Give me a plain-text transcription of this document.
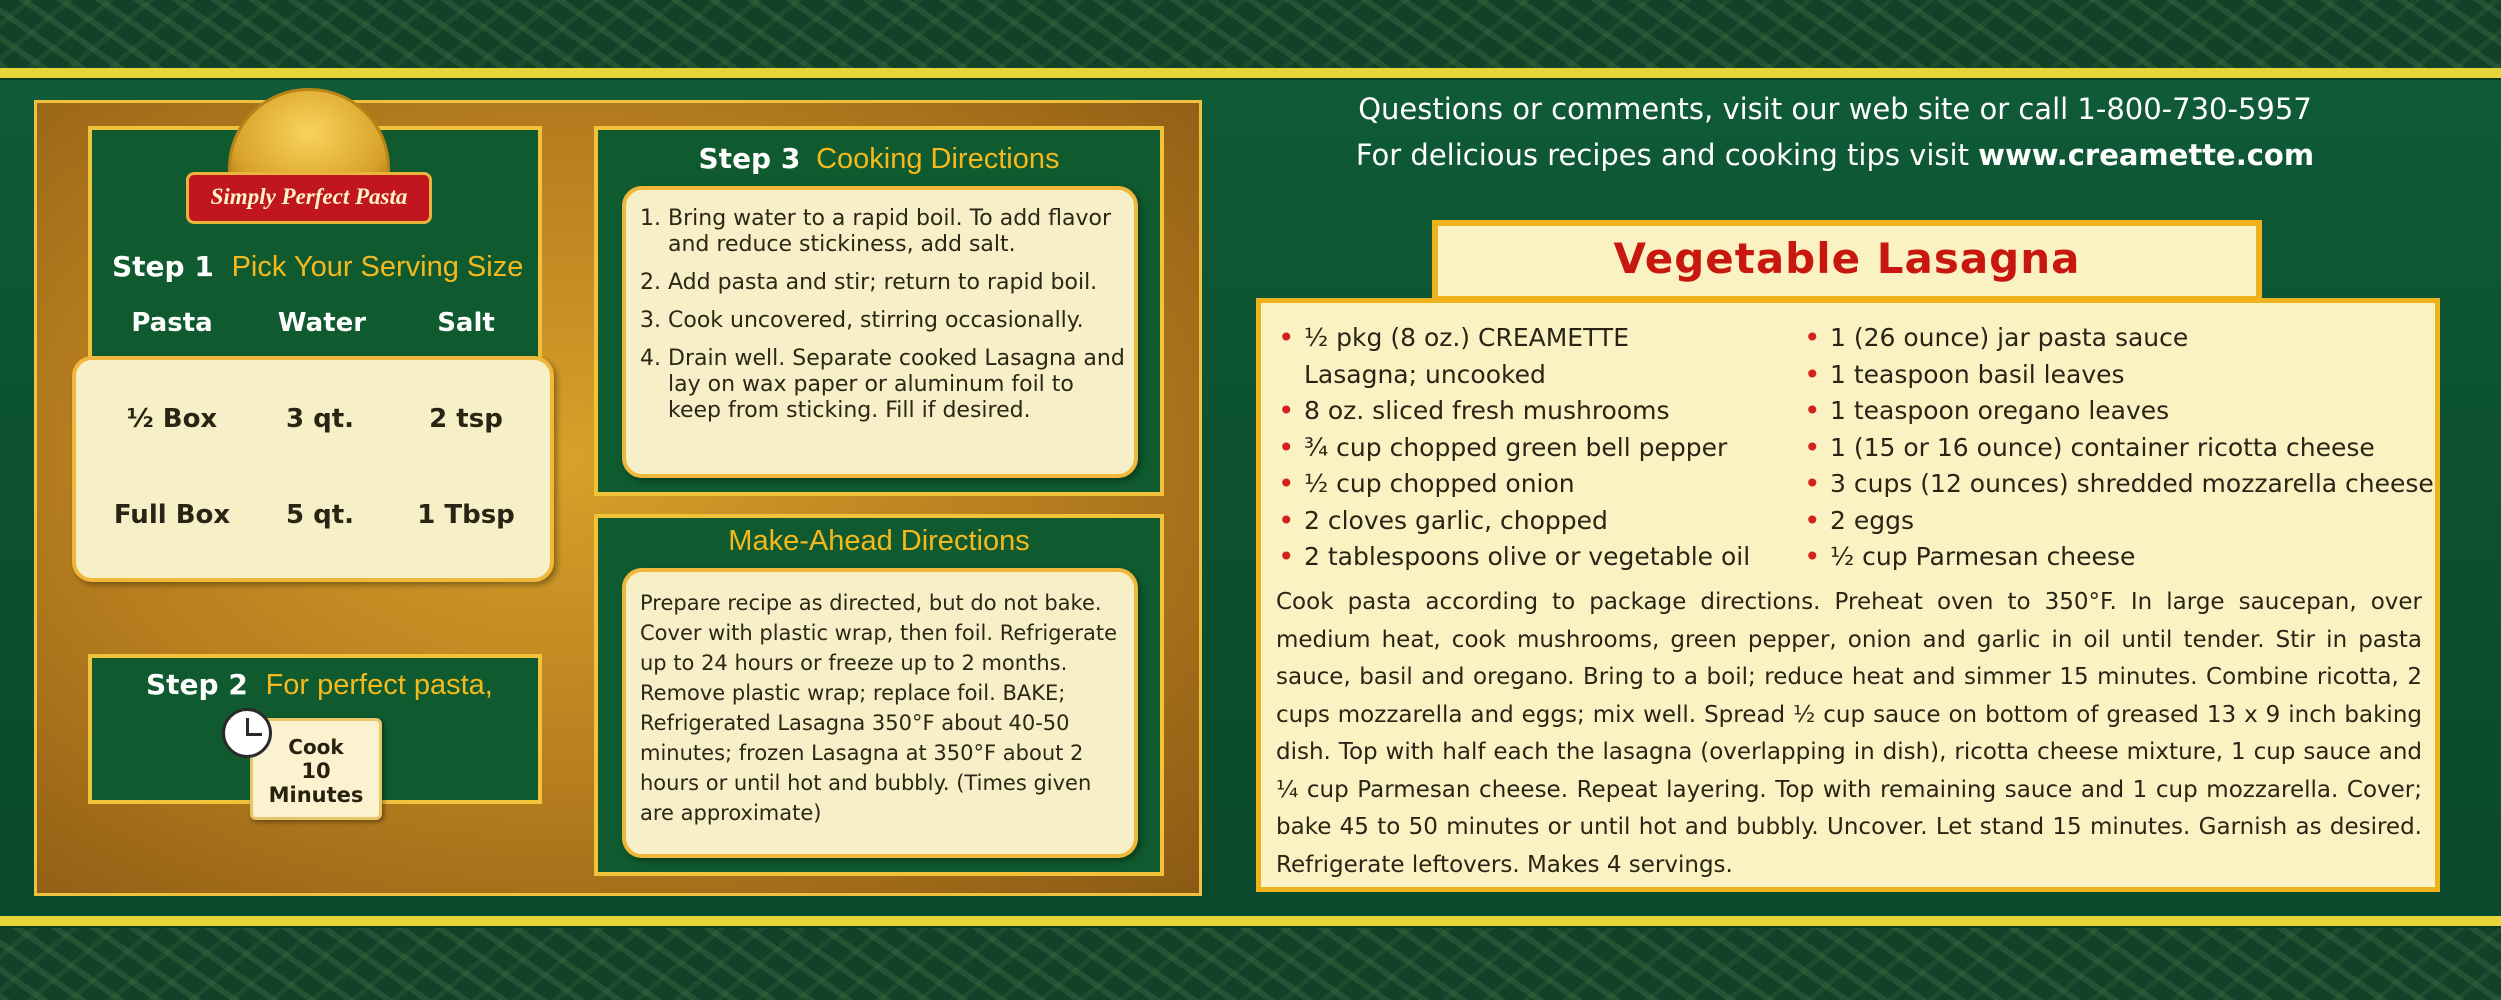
Simply Perfect Pasta
Step 1 Pick Your Serving Size
Pasta	Water	Salt
½ Box	3 qt.	2 tsp
Full Box	5 qt.	1 Tbsp
Step 2 For perfect pasta,
Cook
10
Minutes
Step 3 Cooking Directions
1. Bring water to a rapid boil. To add flavor and reduce stickiness, add salt.
2. Add pasta and stir; return to rapid boil.
3. Cook uncovered, stirring occasionally.
4. Drain well. Separate cooked Lasagna and lay on wax paper or aluminum foil to keep from sticking. Fill if desired.
Make-Ahead Directions
Prepare recipe as directed, but do not bake. Cover with plastic wrap, then foil. Refrigerate up to 24 hours or freeze up to 2 months. Remove plastic wrap; replace foil. BAKE; Refrigerated Lasagna 350°F about 40-50 minutes; frozen Lasagna at 350°F about 2 hours or until hot and bubbly. (Times given are approximate)
Questions or comments, visit our web site or call 1-800-730-5957
For delicious recipes and cooking tips visit www.creamette.com
Vegetable Lasagna
• ½ pkg (8 oz.) CREAMETTE
Lasagna; uncooked
• 8 oz. sliced fresh mushrooms
• ¾ cup chopped green bell pepper
• ½ cup chopped onion
• 2 cloves garlic, chopped
• 2 tablespoons olive or vegetable oil
• 1 (26 ounce) jar pasta sauce
• 1 teaspoon basil leaves
• 1 teaspoon oregano leaves
• 1 (15 or 16 ounce) container ricotta cheese
• 3 cups (12 ounces) shredded mozzarella cheese
• 2 eggs
• ½ cup Parmesan cheese
Cook pasta according to package directions. Preheat oven to 350°F. In large saucepan, over medium heat, cook mushrooms, green pepper, onion and garlic in oil until tender. Stir in pasta sauce, basil and oregano. Bring to a boil; reduce heat and simmer 15 minutes. Combine ricotta, 2 cups mozzarella and eggs; mix well. Spread ½ cup sauce on bottom of greased 13 x 9 inch baking dish. Top with half each the lasagna (overlapping in dish), ricotta cheese mixture, 1 cup sauce and ¼ cup Parmesan cheese. Repeat layering. Top with remaining sauce and 1 cup mozzarella. Cover; bake 45 to 50 minutes or until hot and bubbly. Uncover. Let stand 15 minutes. Garnish as desired. Refrigerate leftovers. Makes 4 servings.
